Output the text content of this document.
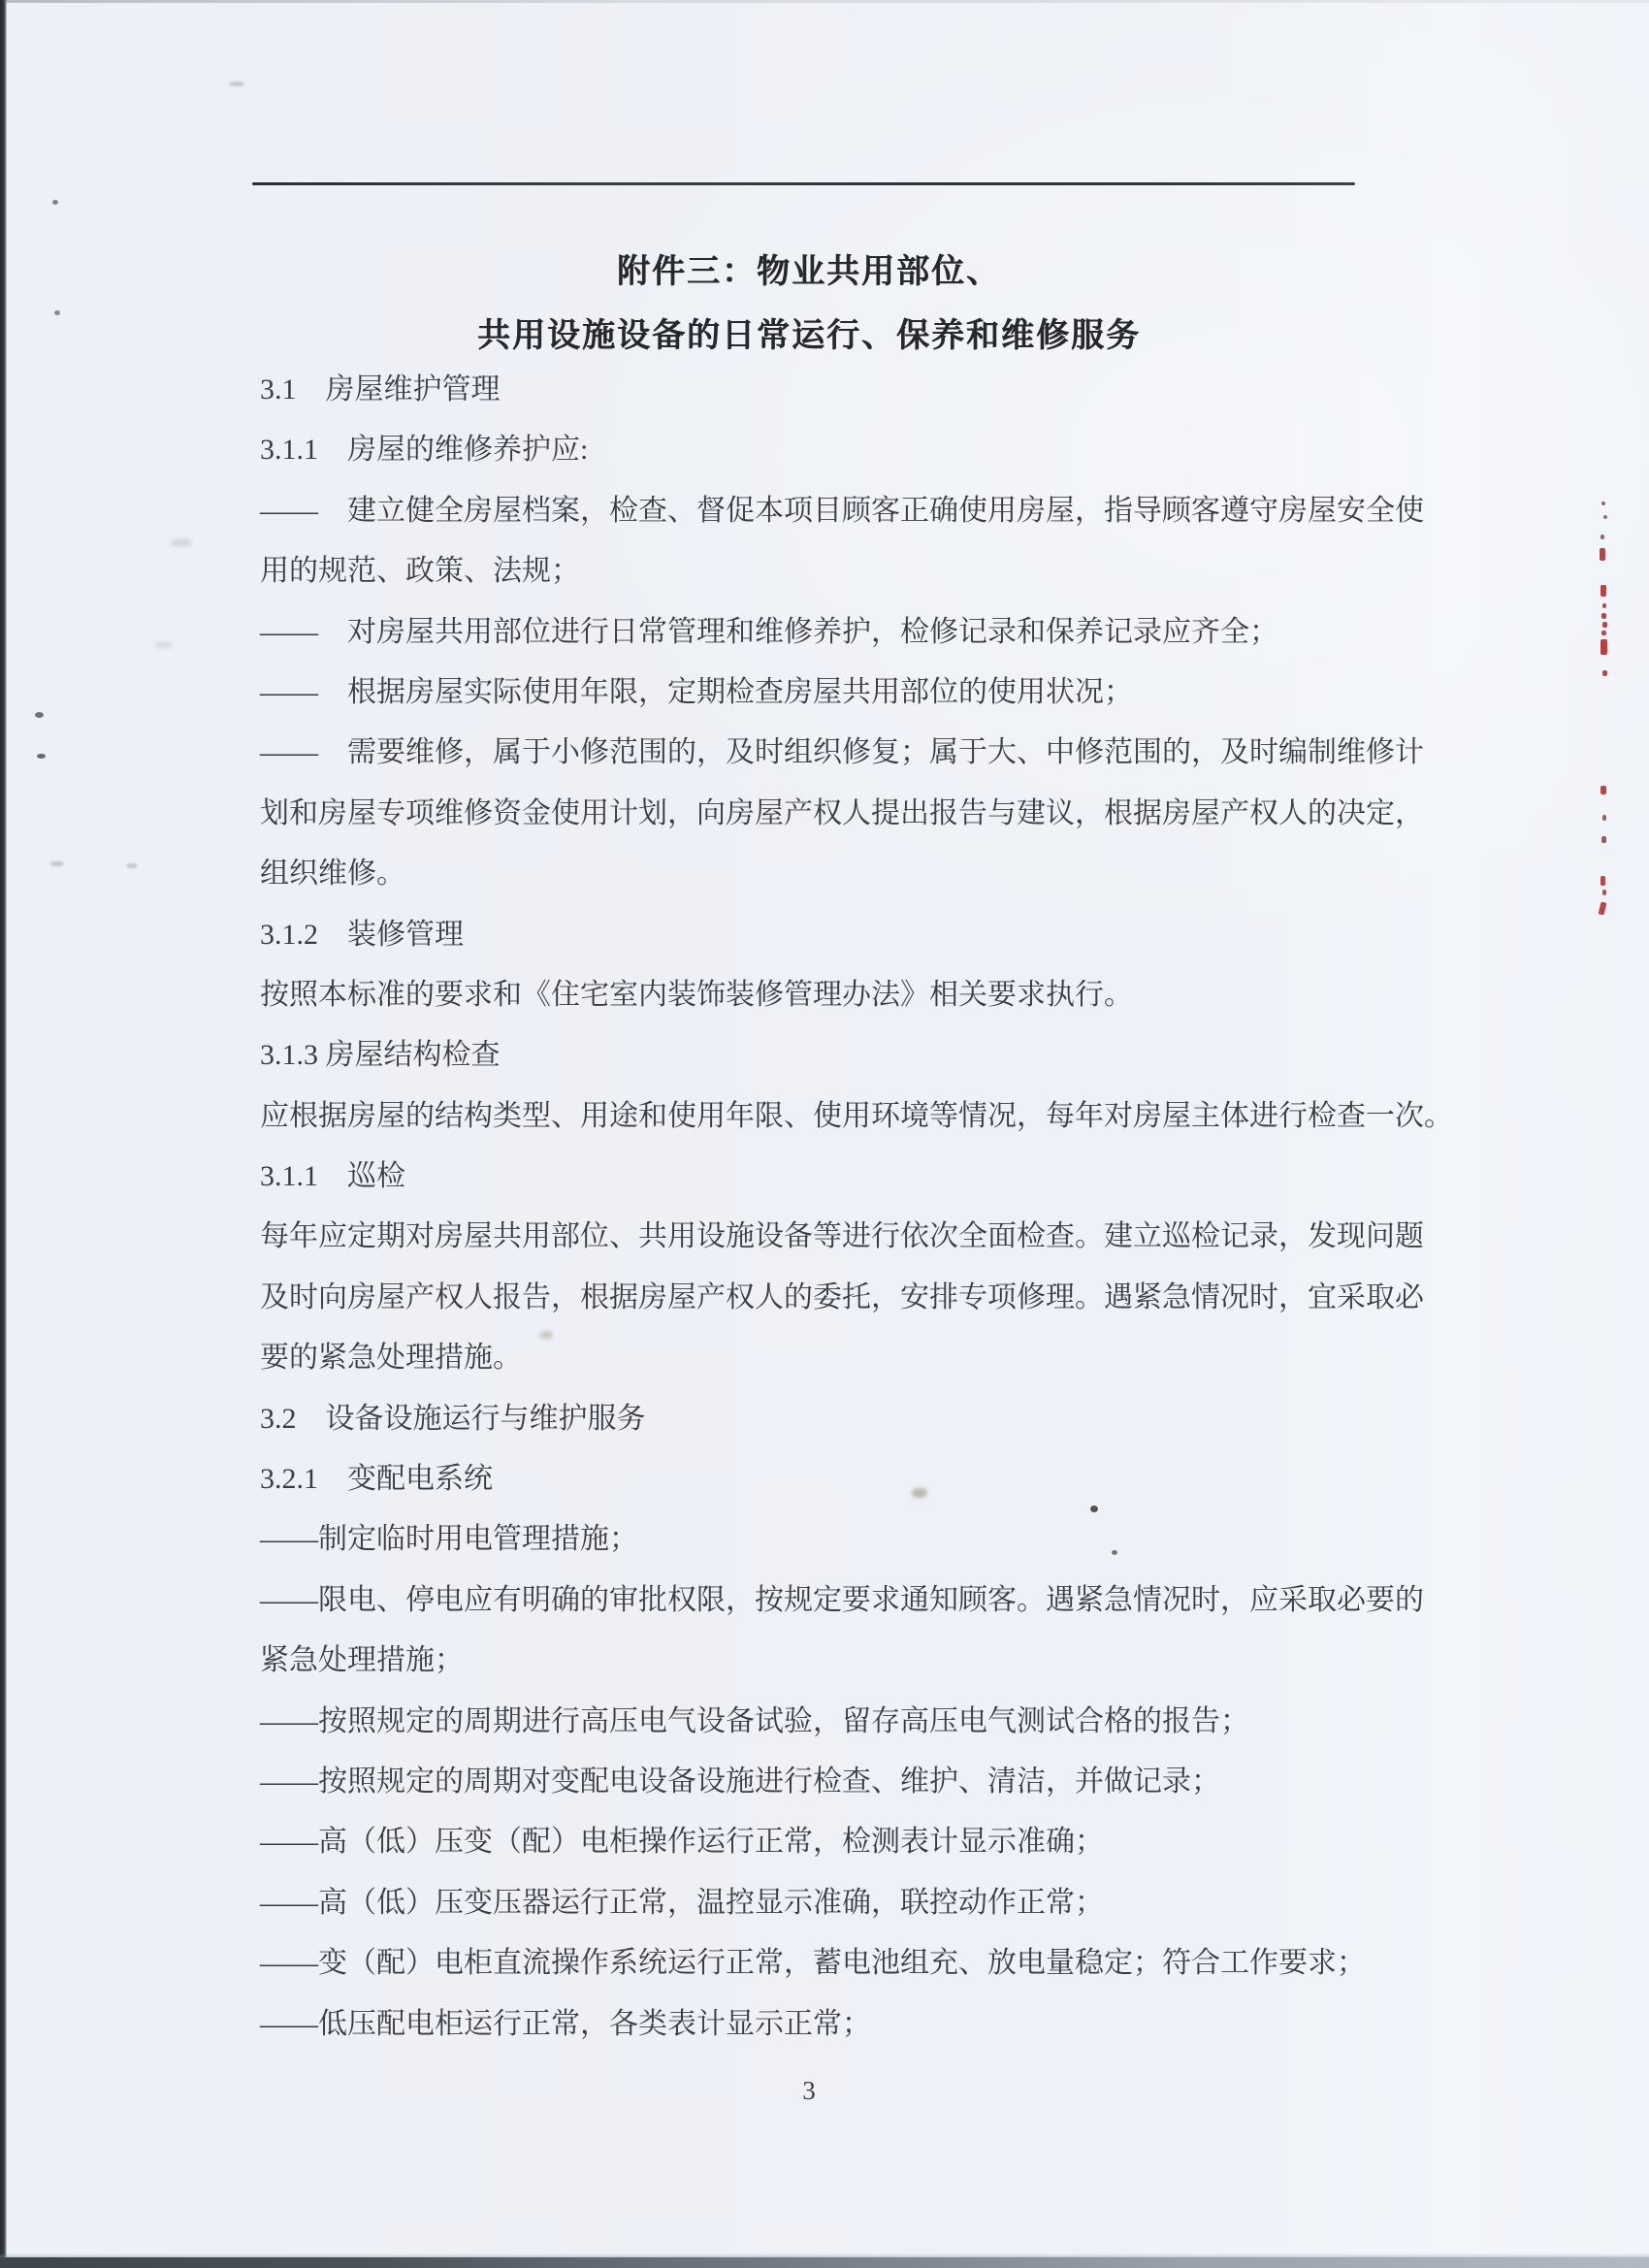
附件三：物业共用部位、
共用设施设备的日常运行、保养和维修服务
3.1　房屋维护管理
3.1.1　房屋的维修养护应:
——　建立健全房屋档案，检查、督促本项目顾客正确使用房屋，指导顾客遵守房屋安全使
用的规范、政策、法规；
——　对房屋共用部位进行日常管理和维修养护，检修记录和保养记录应齐全；
——　根据房屋实际使用年限，定期检查房屋共用部位的使用状况；
——　需要维修，属于小修范围的，及时组织修复；属于大、中修范围的，及时编制维修计
划和房屋专项维修资金使用计划，向房屋产权人提出报告与建议，根据房屋产权人的决定，
组织维修。
3.1.2　装修管理
按照本标准的要求和《住宅室内装饰装修管理办法》相关要求执行。
3.1.3 房屋结构检查
应根据房屋的结构类型、用途和使用年限、使用环境等情况，每年对房屋主体进行检查一次。
3.1.1　巡检
每年应定期对房屋共用部位、共用设施设备等进行依次全面检查。建立巡检记录，发现问题
及时向房屋产权人报告，根据房屋产权人的委托，安排专项修理。遇紧急情况时，宜采取必
要的紧急处理措施。
3.2　设备设施运行与维护服务
3.2.1　变配电系统
——制定临时用电管理措施；
——限电、停电应有明确的审批权限，按规定要求通知顾客。遇紧急情况时，应采取必要的
紧急处理措施；
——按照规定的周期进行高压电气设备试验，留存高压电气测试合格的报告；
——按照规定的周期对变配电设备设施进行检查、维护、清洁，并做记录；
——高（低）压变（配）电柜操作运行正常，检测表计显示准确；
——高（低）压变压器运行正常，温控显示准确，联控动作正常；
——变（配）电柜直流操作系统运行正常，蓄电池组充、放电量稳定；符合工作要求；
——低压配电柜运行正常，各类表计显示正常；
3
